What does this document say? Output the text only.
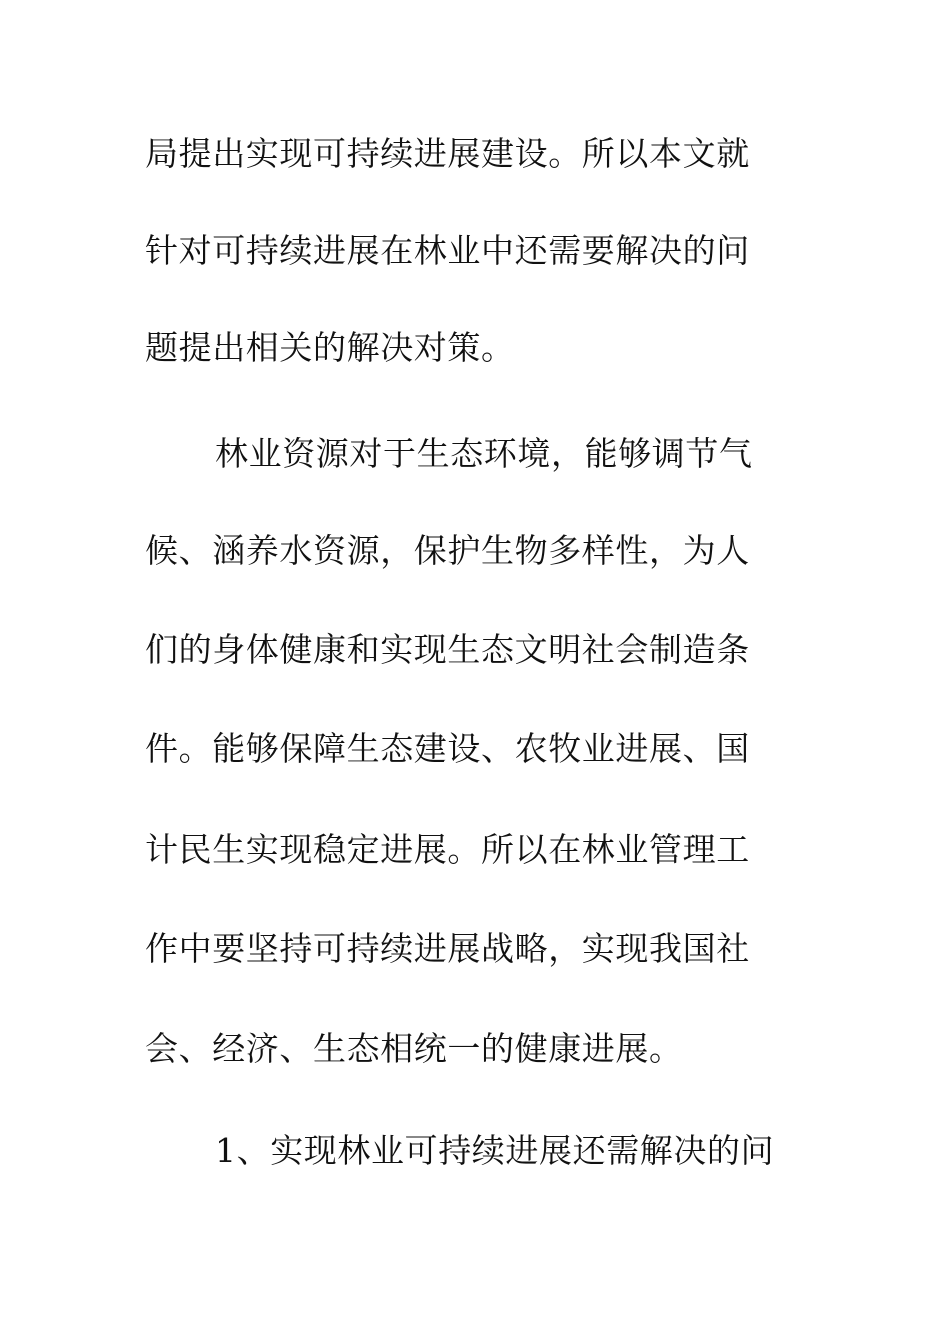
局提出实现可持续进展建设。所以本文就

针对可持续进展在林业中还需要解决的问

题提出相关的解决对策。

林业资源对于生态环境，能够调节气

候、涵养水资源，保护生物多样性，为人

们的身体健康和实现生态文明社会制造条

件。能够保障生态建设、农牧业进展、国

计民生实现稳定进展。所以在林业管理工

作中要坚持可持续进展战略，实现我国社

会、经济、生态相统一的健康进展。

1、实现林业可持续进展还需解决的问
